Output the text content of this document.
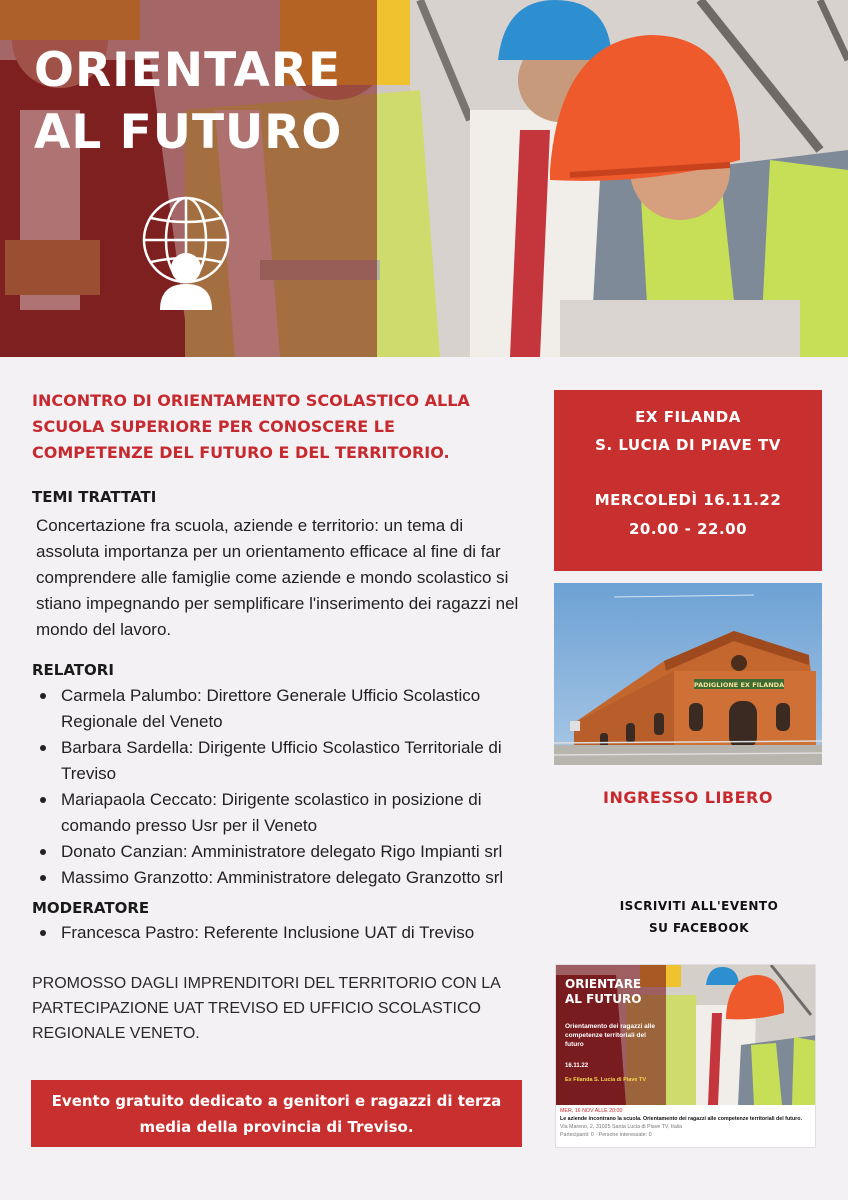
ORIENTARE
AL FUTURO
INCONTRO DI ORIENTAMENTO SCOLASTICO ALLA SCUOLA SUPERIORE PER CONOSCERE LE COMPETENZE DEL FUTURO E DEL TERRITORIO.
TEMI TRATTATI
Concertazione fra scuola, aziende e territorio: un tema di assoluta importanza per un orientamento efficace al fine di far comprendere alle famiglie come aziende e mondo scolastico si stiano impegnando per semplificare l'inserimento dei ragazzi nel mondo del lavoro.
RELATORI
Carmela Palumbo: Direttore Generale Ufficio Scolastico Regionale del Veneto
Barbara Sardella: Dirigente Ufficio Scolastico Territoriale di Treviso
Mariapaola Ceccato: Dirigente scolastico in posizione di comando presso Usr per il Veneto
Donato Canzian: Amministratore delegato Rigo Impianti srl
Massimo Granzotto: Amministratore delegato Granzotto srl
MODERATORE
Francesca Pastro: Referente Inclusione UAT di Treviso
PROMOSSO DAGLI IMPRENDITORI DEL TERRITORIO CON LA PARTECIPAZIONE UAT TREVISO ED UFFICIO SCOLASTICO REGIONALE VENETO.
Evento gratuito dedicato a genitori e ragazzi di terza media della provincia di Treviso.
EX FILANDA
S. LUCIA DI PIAVE TV
MERCOLEDÌ 16.11.22
20.00 - 22.00
PADIGLIONE EX FILANDA
INGRESSO LIBERO
ISCRIVITI ALL'EVENTO
SU FACEBOOK
ORIENTARE
AL FUTURO
Orientamento dei ragazzi alle competenze territoriali del futuro
16.11.22
Ex Filanda S. Lucia di Piave TV
MER, 16 NOV ALLE 20:00
Le aziende incontrano la scuola. Orientamento dei ragazzi alle competenze territoriali del futuro.
Via Mareno, 2, 31025 Santa Lucia di Piave TV, Italia
Partecipanti: 0 · Persone interessate: 0
